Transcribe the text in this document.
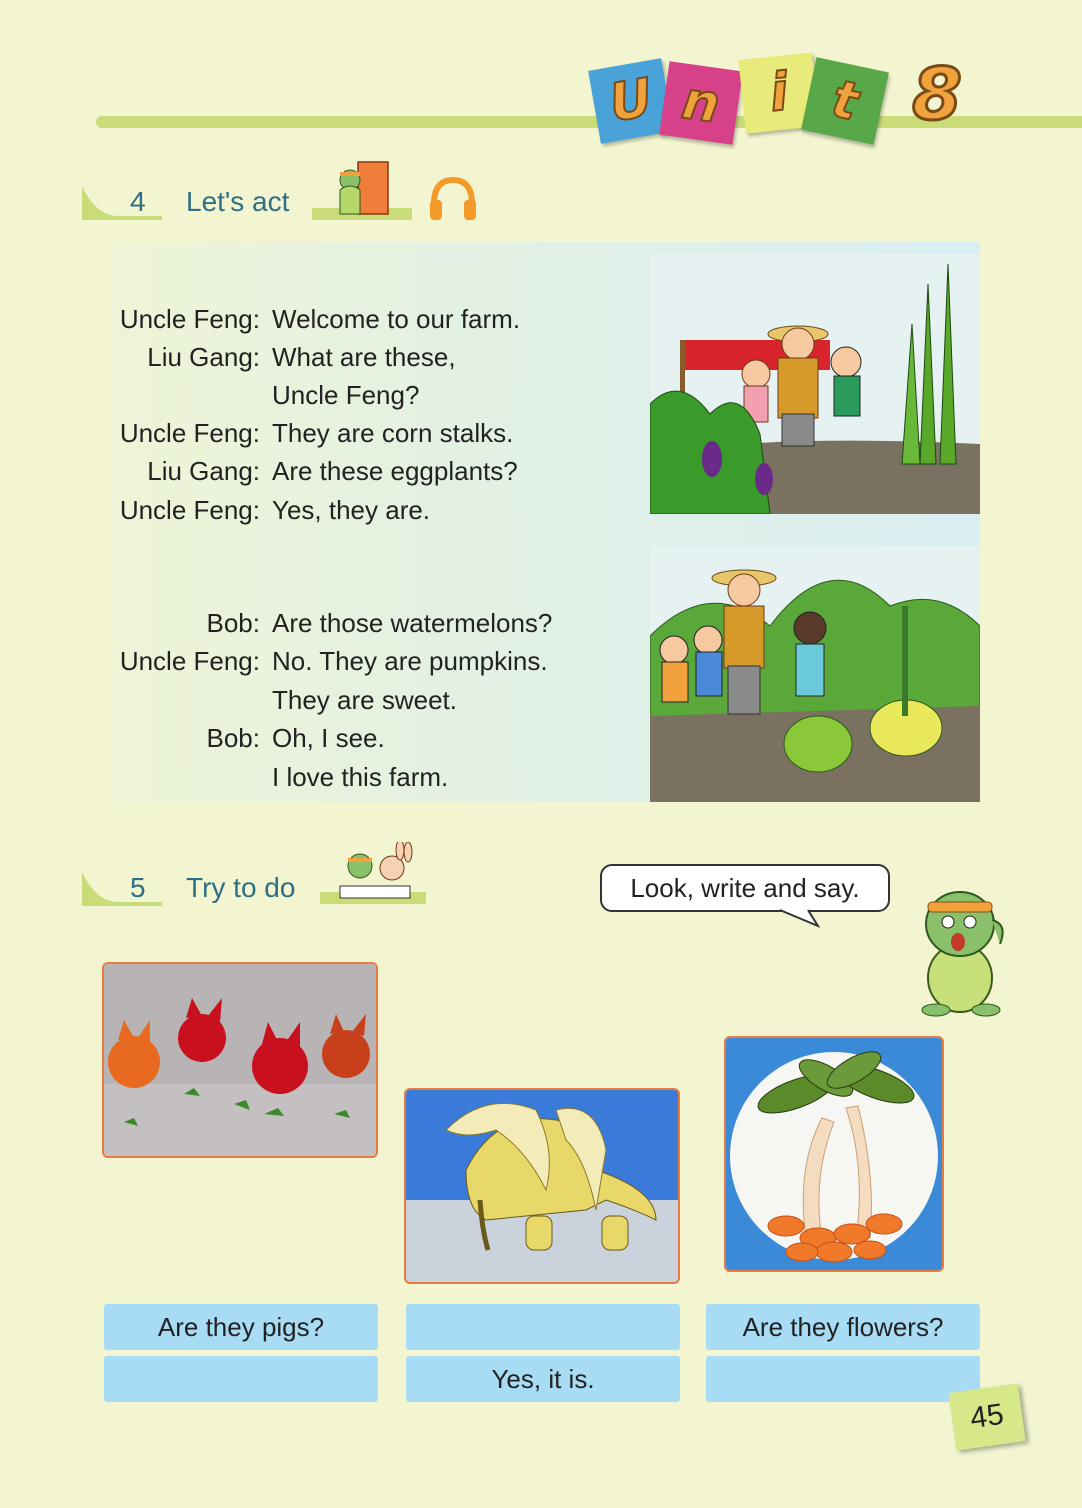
U n i t 8
4 Let's act
Uncle Feng: Welcome to our farm.
Liu Gang: What are these,
Uncle Feng?
Uncle Feng: They are corn stalks.
Liu Gang: Are these eggplants?
Uncle Feng: Yes, they are.
Bob: Are those watermelons?
Uncle Feng: No. They are pumpkins.
They are sweet.
Bob: Oh, I see.
I love this farm.
5 Try to do	Look, write and say.
Are they pigs?
Yes, it is.
Are they flowers?
45
